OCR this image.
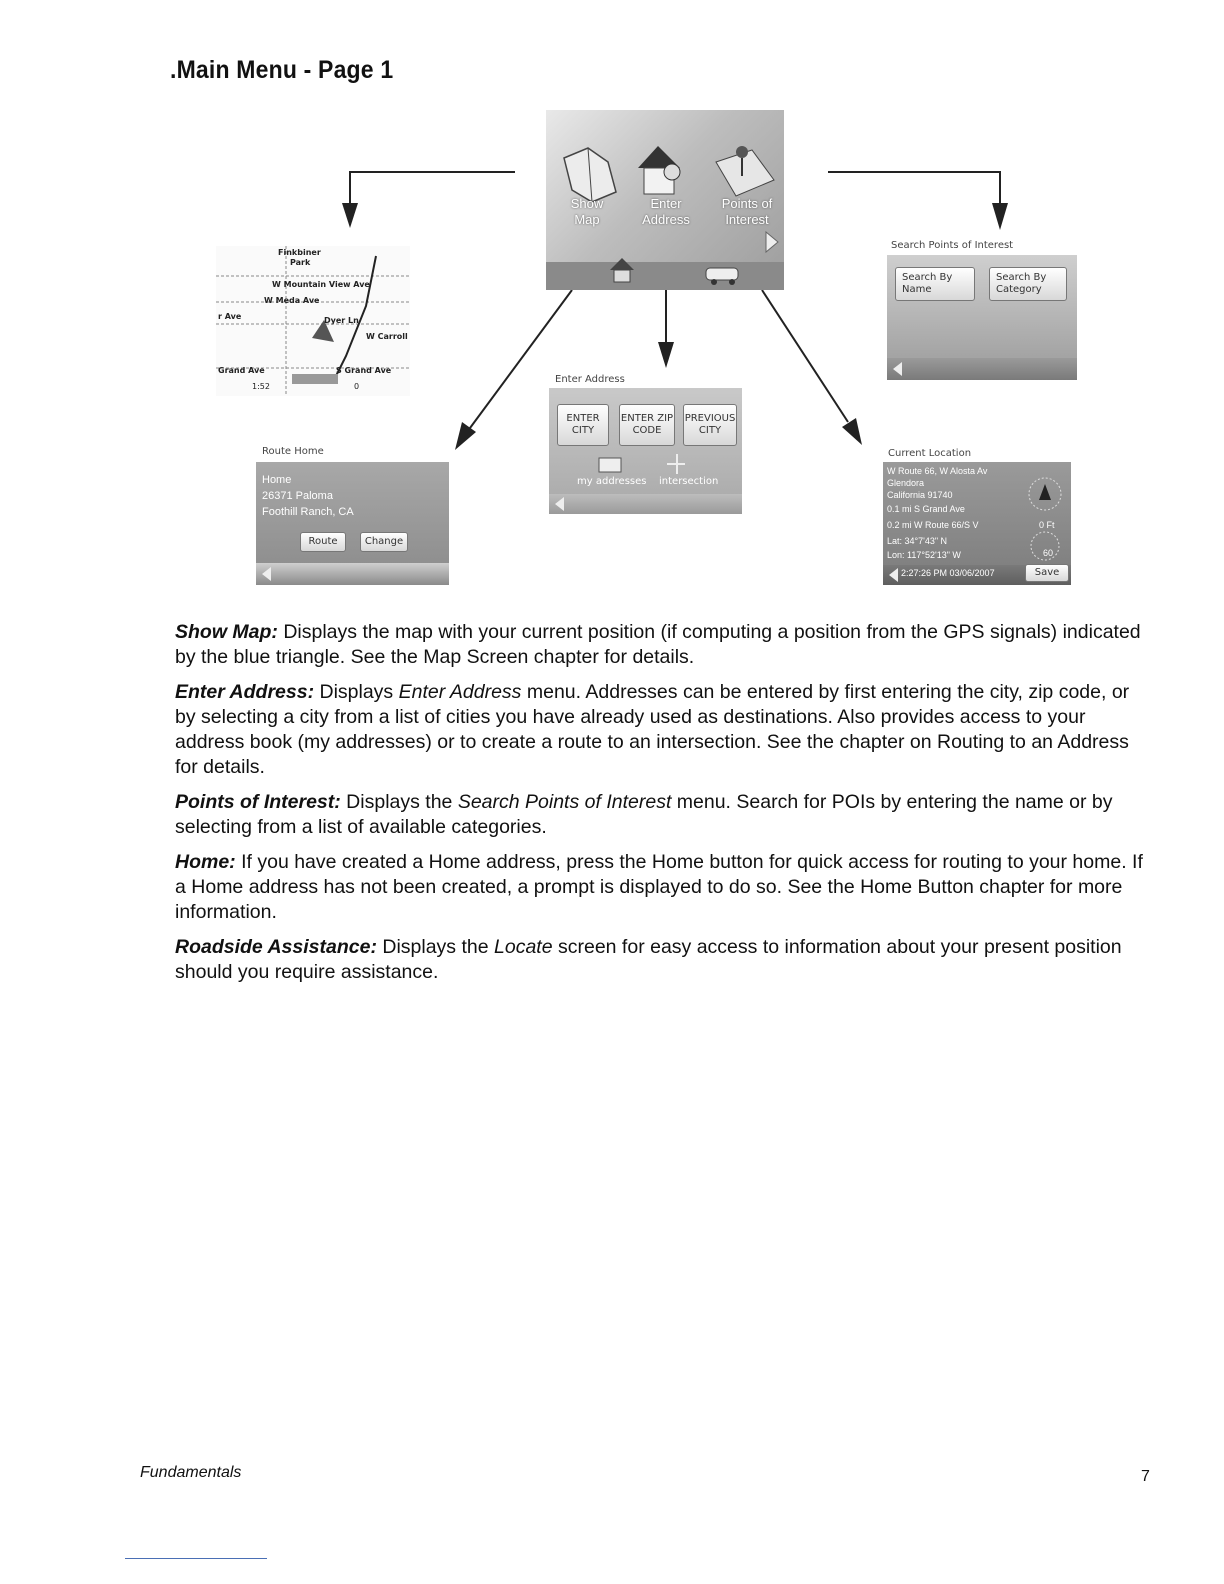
.Main Menu - Page 1
Show Map
Enter Address
Points of Interest
Finkbiner
Park
W Mountain View Ave
W Meda Ave
Dyer Ln
W Carroll
S Grand Ave
Grand Ave
r Ave
1:52	0
Route Home
Home
26371 Paloma
Foothill Ranch, CA
Route	Change
Enter Address
ENTER CITY
ENTER ZIP CODE
PREVIOUS CITY
my addresses intersection
Search Points of Interest
Search By Name
Search By Category
Current Location
W Route 66, W Alosta Av
Glendora
California 91740
0.1 mi S Grand Ave
0.2 mi W Route 66/S V
Lat: 34°7'43" N
Lon: 117°52'13" W
0 Ft
60
2:27:26 PM 03/06/2007	Save

Show Map: Displays the map with your current position (if computing a position from the GPS signals) indicated by the blue triangle. See the Map Screen chapter for details.

Enter Address: Displays Enter Address menu. Addresses can be entered by first entering the city, zip code, or by selecting a city from a list of cities you have already used as destinations. Also provides access to your address book (my addresses) or to create a route to an intersection. See the chapter on Routing to an Address for details.

Points of Interest: Displays the Search Points of Interest menu. Search for POIs by entering the name or by selecting from a list of available categories.

Home: If you have created a Home address, press the Home button for quick access for routing to your home. If a Home address has not been created, a prompt is displayed to do so. See the Home Button chapter for more information.

Roadside Assistance: Displays the Locate screen for easy access to information about your present position should you require assistance.

Fundamentals	7
